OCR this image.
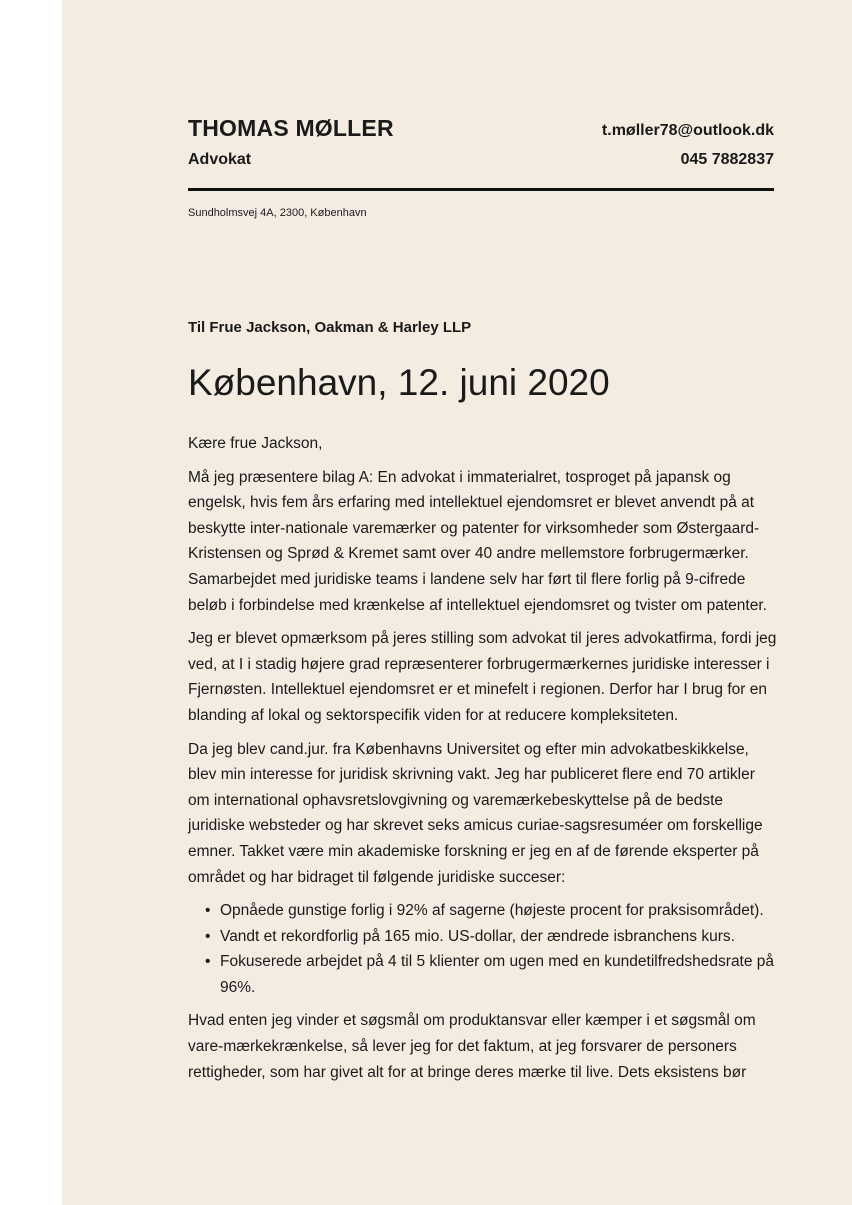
THOMAS MØLLER
Advokat
t.møller78@outlook.dk
045 7882837
Sundholmsvej 4A, 2300, København
Til Frue Jackson, Oakman & Harley LLP
København, 12. juni 2020

Kære frue Jackson,

Må jeg præsentere bilag A: En advokat i immaterialret, tosproget på japansk og engelsk, hvis fem års erfaring med intellektuel ejendomsret er blevet anvendt på at beskytte inter-nationale varemærker og patenter for virksomheder som Østergaard-Kristensen og Sprød & Kremet samt over 40 andre mellemstore forbrugermærker. Samarbejdet med juridiske teams i landene selv har ført til flere forlig på 9-cifrede beløb i forbindelse med krænkelse af intellektuel ejendomsret og tvister om patenter.

Jeg er blevet opmærksom på jeres stilling som advokat til jeres advokatfirma, fordi jeg ved, at I i stadig højere grad repræsenterer forbrugermærkernes juridiske interesser i Fjernøsten. Intellektuel ejendomsret er et minefelt i regionen. Derfor har I brug for en blanding af lokal og sektorspecifik viden for at reducere kompleksiteten.

Da jeg blev cand.jur. fra Københavns Universitet og efter min advokatbeskikkelse, blev min interesse for juridisk skrivning vakt. Jeg har publiceret flere end 70 artikler om international ophavsretslovgivning og varemærkebeskyttelse på de bedste juridiske websteder og har skrevet seks amicus curiae-sagsresuméer om forskellige emner. Takket være min akademiske forskning er jeg en af de førende eksperter på området og har bidraget til følgende juridiske succeser:

• Opnåede gunstige forlig i 92% af sagerne (højeste procent for praksisområdet).
• Vandt et rekordforlig på 165 mio. US-dollar, der ændrede isbranchens kurs.
• Fokuserede arbejdet på 4 til 5 klienter om ugen med en kundetilfredshedsrate på 96%.

Hvad enten jeg vinder et søgsmål om produktansvar eller kæmper i et søgsmål om vare-mærkekrænkelse, så lever jeg for det faktum, at jeg forsvarer de personers rettigheder, som har givet alt for at bringe deres mærke til live. Dets eksistens bør
